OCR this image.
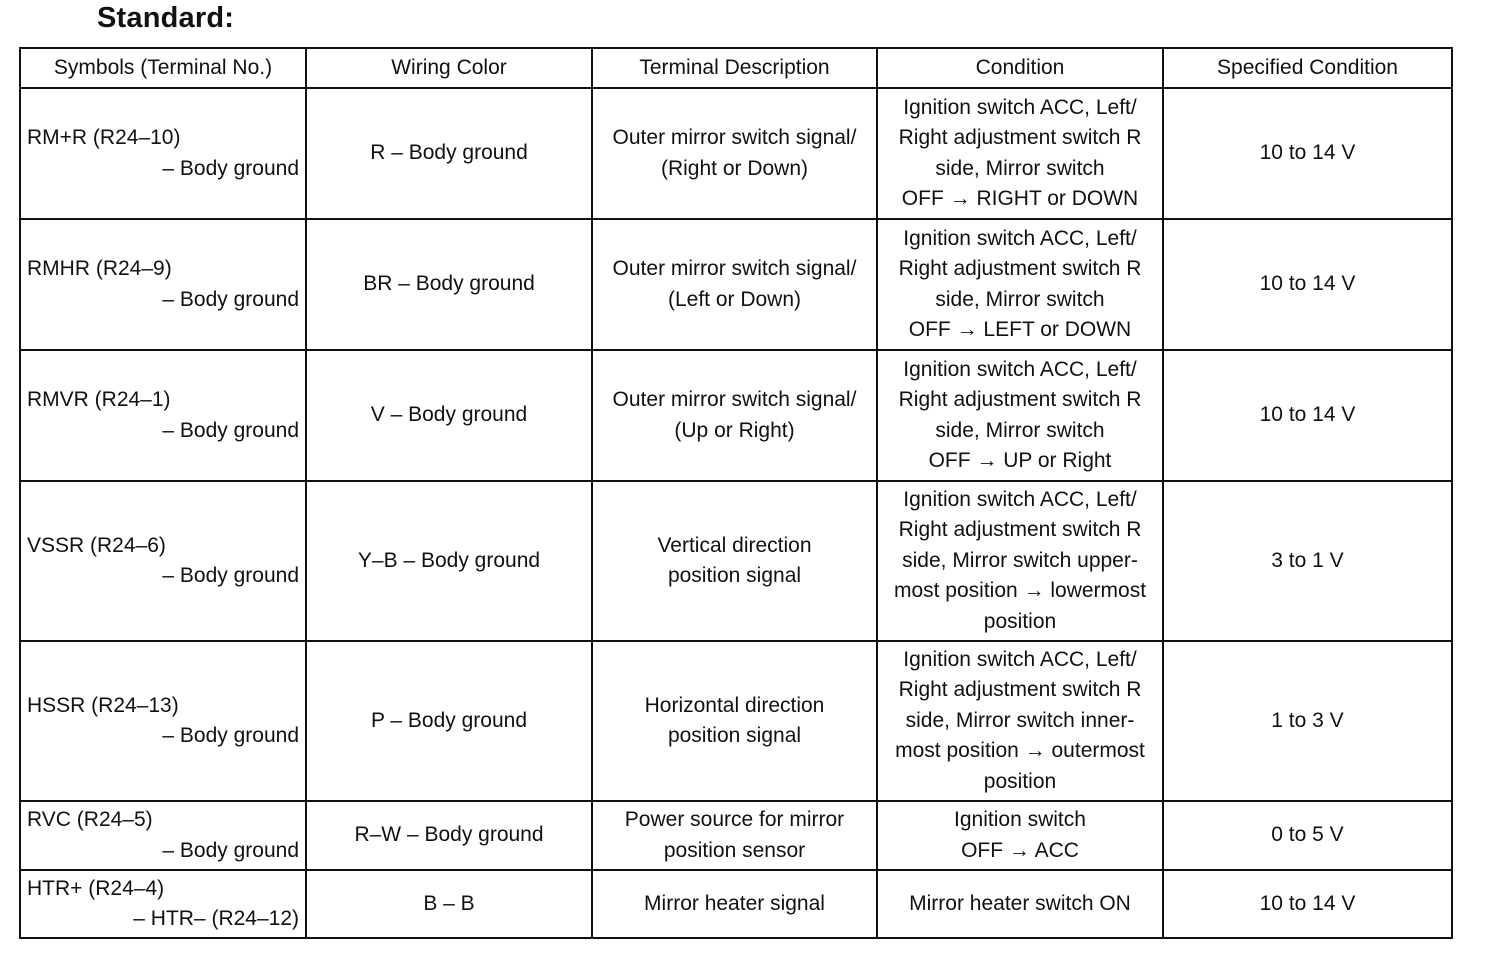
Standard:
Symbols (Terminal No.)	Wiring Color	Terminal Description	Condition	Specified Condition

RM+R (R24–10)
– Body ground	R – Body ground	Outer mirror switch signal/
(Right or Down)	Ignition switch ACC, Left/
Right adjustment switch R
side, Mirror switch
OFF → RIGHT or DOWN	10 to 14 V

RMHR (R24–9)
– Body ground	BR – Body ground	Outer mirror switch signal/
(Left or Down)	Ignition switch ACC, Left/
Right adjustment switch R
side, Mirror switch
OFF → LEFT or DOWN	10 to 14 V

RMVR (R24–1)
– Body ground	V – Body ground	Outer mirror switch signal/
(Up or Right)	Ignition switch ACC, Left/
Right adjustment switch R
side, Mirror switch
OFF → UP or Right	10 to 14 V

VSSR (R24–6)
– Body ground	Y–B – Body ground	Vertical direction
position signal	Ignition switch ACC, Left/
Right adjustment switch R
side, Mirror switch upper-
most position → lowermost
position	3 to 1 V

HSSR (R24–13)
– Body ground	P – Body ground	Horizontal direction
position signal	Ignition switch ACC, Left/
Right adjustment switch R
side, Mirror switch inner-
most position → outermost
position	1 to 3 V

RVC (R24–5)
– Body ground	R–W – Body ground	Power source for mirror
position sensor	Ignition switch
OFF → ACC	0 to 5 V

HTR+ (R24–4)
– HTR– (R24–12)	B – B	Mirror heater signal	Mirror heater switch ON	10 to 14 V
